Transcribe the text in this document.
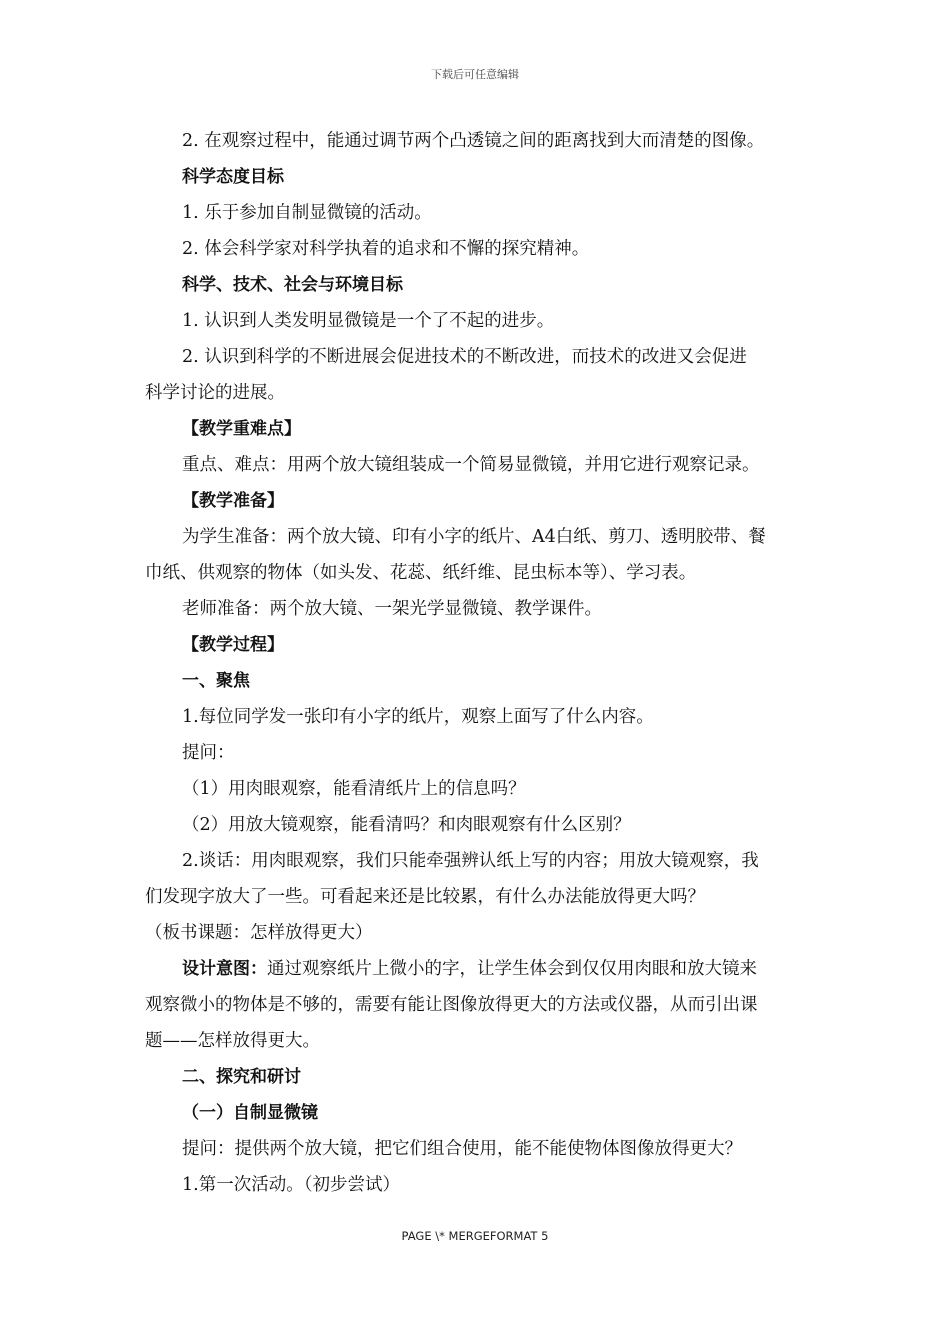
下载后可任意编辑

2. 在观察过程中，能通过调节两个凸透镜之间的距离找到大而清楚的图像。

科学态度目标

1. 乐于参加自制显微镜的活动。

2. 体会科学家对科学执着的追求和不懈的探究精神。

科学、技术、社会与环境目标

1. 认识到人类发明显微镜是一个了不起的进步。

2. 认识到科学的不断进展会促进技术的不断改进，而技术的改进又会促进

科学讨论的进展。

【教学重难点】

重点、难点：用两个放大镜组装成一个简易显微镜，并用它进行观察记录。

【教学准备】

为学生准备：两个放大镜、印有小字的纸片、A4白纸、剪刀、透明胶带、餐

巾纸、供观察的物体（如头发、花蕊、纸纤维、昆虫标本等）、学习表。

老师准备：两个放大镜、一架光学显微镜、教学课件。

【教学过程】

一、聚焦

1.每位同学发一张印有小字的纸片，观察上面写了什么内容。

提问：

（1）用肉眼观察，能看清纸片上的信息吗？

（2）用放大镜观察，能看清吗？和肉眼观察有什么区别？

2.谈话：用肉眼观察，我们只能牵强辨认纸上写的内容；用放大镜观察，我

们发现字放大了一些。可看起来还是比较累，有什么办法能放得更大吗？

（板书课题：怎样放得更大）

设计意图：通过观察纸片上微小的字，让学生体会到仅仅用肉眼和放大镜来

观察微小的物体是不够的，需要有能让图像放得更大的方法或仪器，从而引出课

题——怎样放得更大。

二、探究和研讨

（一）自制显微镜

提问：提供两个放大镜，把它们组合使用，能不能使物体图像放得更大？

1.第一次活动。（初步尝试）

PAGE \* MERGEFORMAT 5
